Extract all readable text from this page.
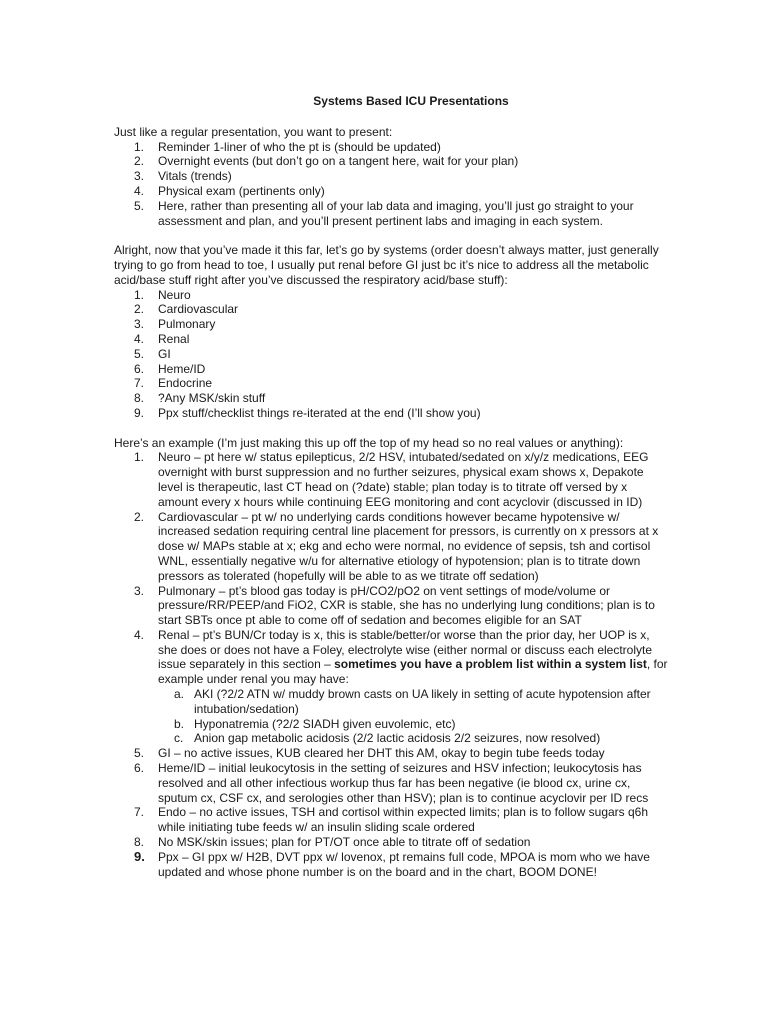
Systems Based ICU Presentations

Just like a regular presentation, you want to present:

1.	Reminder 1-liner of who the pt is (should be updated)
2.	Overnight events (but don’t go on a tangent here, wait for your plan)
3.	Vitals (trends)
4.	Physical exam (pertinents only)
5.	Here, rather than presenting all of your lab data and imaging, you’ll just go straight to your assessment and plan, and you’ll present pertinent labs and imaging in each system.

Alright, now that you’ve made it this far, let’s go by systems (order doesn’t always matter, just generally trying to go from head to toe, I usually put renal before GI just bc it’s nice to address all the metabolic acid/base stuff right after you’ve discussed the respiratory acid/base stuff):

1.	Neuro
2.	Cardiovascular
3.	Pulmonary
4.	Renal
5.	GI
6.	Heme/ID
7.	Endocrine
8.	?Any MSK/skin stuff
9.	Ppx stuff/checklist things re-iterated at the end (I’ll show you)

Here’s an example (I’m just making this up off the top of my head so no real values or anything):

1.	Neuro – pt here w/ status epilepticus, 2/2 HSV, intubated/sedated on x/y/z medications, EEG overnight with burst suppression and no further seizures, physical exam shows x, Depakote level is therapeutic, last CT head on (?date) stable; plan today is to titrate off versed by x amount every x hours while continuing EEG monitoring and cont acyclovir (discussed in ID)
2.	Cardiovascular – pt w/ no underlying cards conditions however became hypotensive w/ increased sedation requiring central line placement for pressors, is currently on x pressors at x dose w/ MAPs stable at x; ekg and echo were normal, no evidence of sepsis, tsh and cortisol WNL, essentially negative w/u for alternative etiology of hypotension; plan is to titrate down pressors as tolerated (hopefully will be able to as we titrate off sedation)
3.	Pulmonary – pt’s blood gas today is pH/CO2/pO2 on vent settings of mode/volume or pressure/RR/PEEP/and FiO2, CXR is stable, she has no underlying lung conditions; plan is to start SBTs once pt able to come off of sedation and becomes eligible for an SAT
4.	Renal – pt’s BUN/Cr today is x, this is stable/better/or worse than the prior day, her UOP is x, she does or does not have a Foley, electrolyte wise (either normal or discuss each electrolyte issue separately in this section – sometimes you have a problem list within a system list, for example under renal you may have:
a. AKI (?2/2 ATN w/ muddy brown casts on UA likely in setting of acute hypotension after intubation/sedation)
b. Hyponatremia (?2/2 SIADH given euvolemic, etc)
c. Anion gap metabolic acidosis (2/2 lactic acidosis 2/2 seizures, now resolved)
5.	GI – no active issues, KUB cleared her DHT this AM, okay to begin tube feeds today
6.	Heme/ID – initial leukocytosis in the setting of seizures and HSV infection; leukocytosis has resolved and all other infectious workup thus far has been negative (ie blood cx, urine cx, sputum cx, CSF cx, and serologies other than HSV); plan is to continue acyclovir per ID recs
7.	Endo – no active issues, TSH and cortisol within expected limits; plan is to follow sugars q6h while initiating tube feeds w/ an insulin sliding scale ordered
8.	No MSK/skin issues; plan for PT/OT once able to titrate off of sedation
9.	Ppx – GI ppx w/ H2B, DVT ppx w/ lovenox, pt remains full code, MPOA is mom who we have updated and whose phone number is on the board and in the chart, BOOM DONE!
